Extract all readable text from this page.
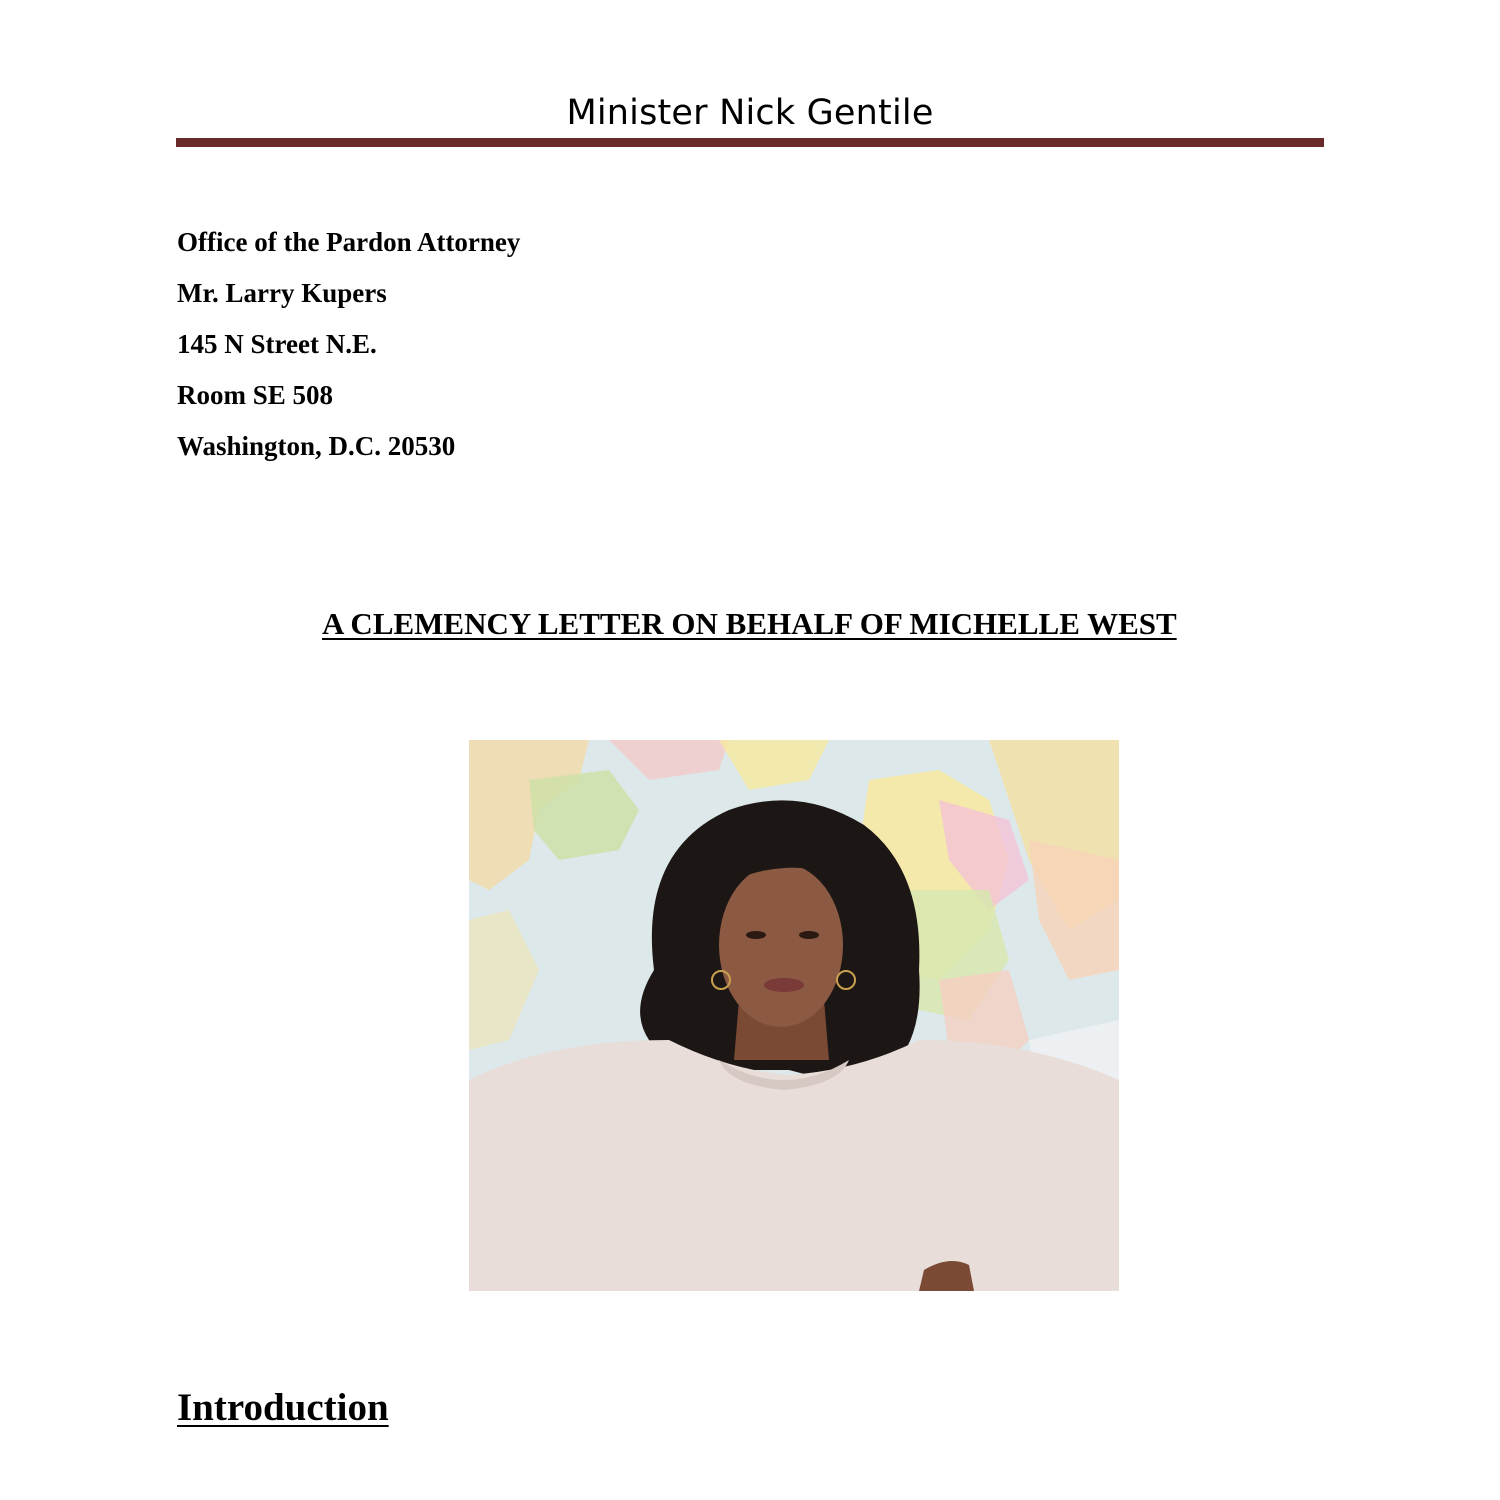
Minister Nick Gentile
Office of the Pardon Attorney
Mr. Larry Kupers
145 N Street N.E.
Room SE 508
Washington, D.C. 20530
A CLEMENCY LETTER ON BEHALF OF MICHELLE WEST
Introduction
